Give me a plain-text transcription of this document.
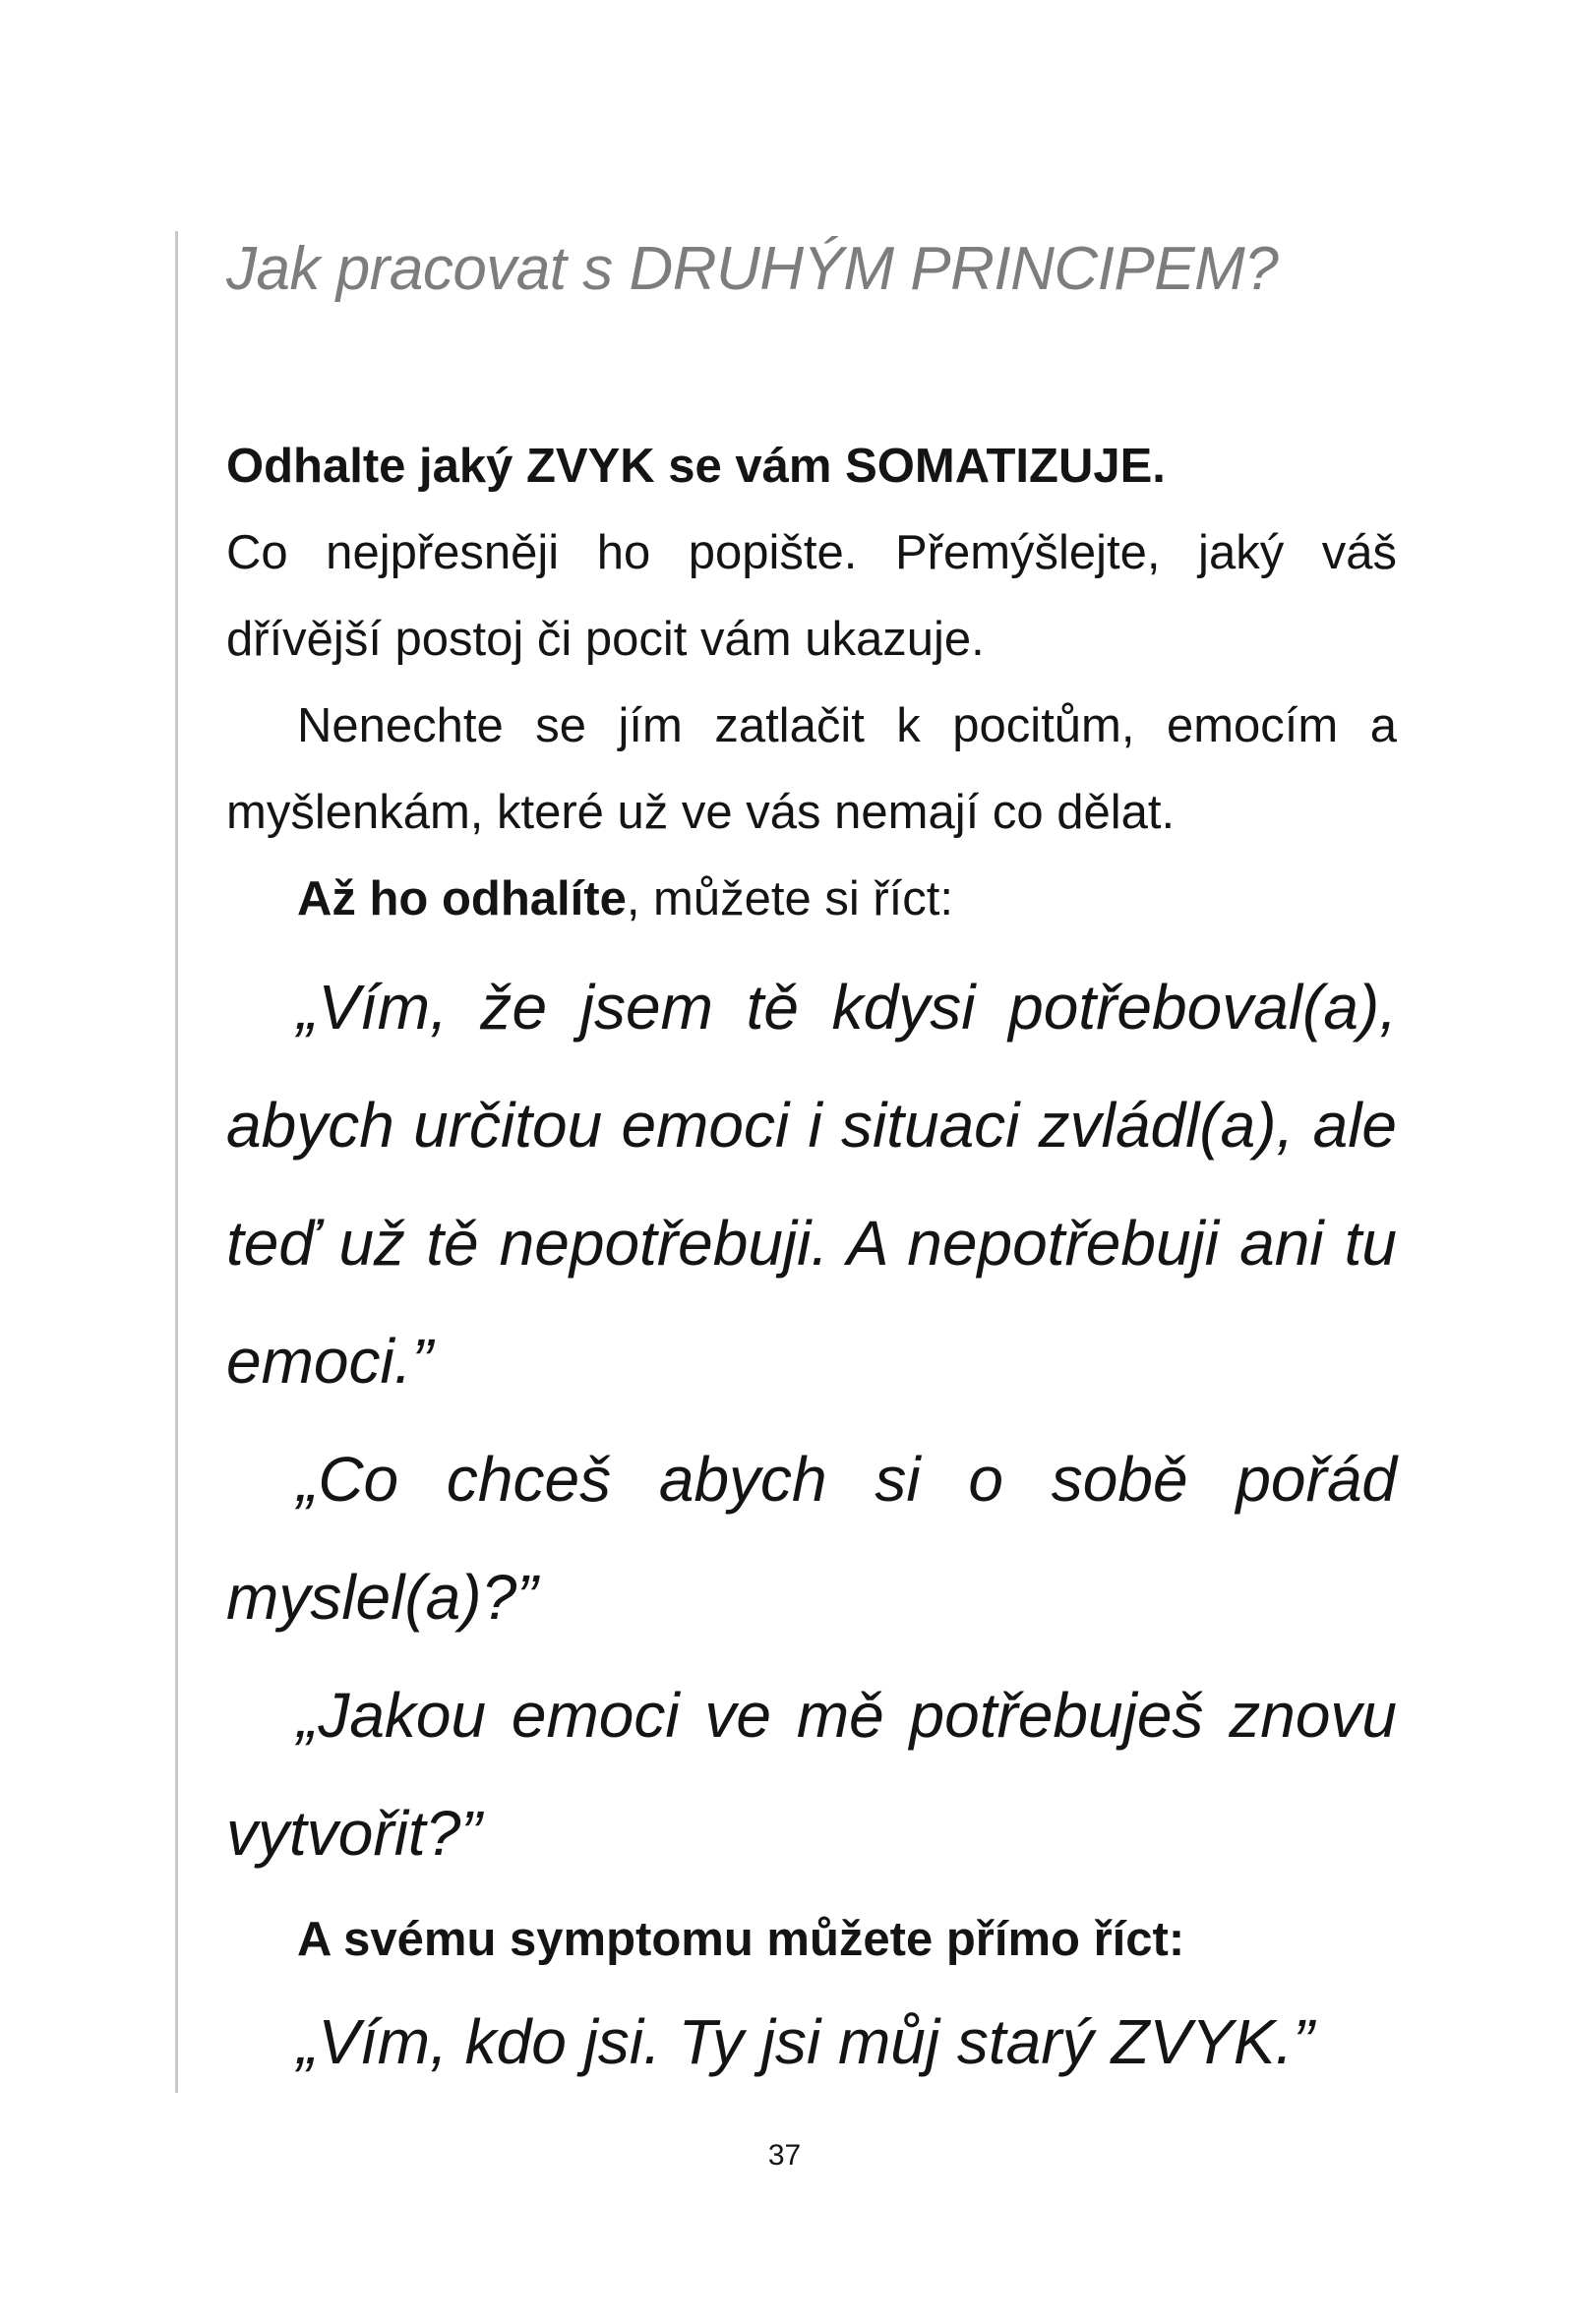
Jak pracovat s DRUHÝM PRINCIPEM?

Odhalte jaký ZVYK se vám SOMATIZUJE.

Co nejpřesněji ho popište. Přemýšlejte, jaký váš dřívější postoj či pocit vám ukazuje.

Nenechte se jím zatlačit k pocitům, emocím a myšlenkám, které už ve vás nemají co dělat.

Až ho odhalíte, můžete si říct:

„Vím, že jsem tě kdysi potřeboval(a), abych určitou emoci i situaci zvládl(a), ale teď už tě nepotřebuji. A nepotřebuji ani tu emoci.”

„Co chceš abych si o sobě pořád myslel(a)?”

„Jakou emoci ve mě potřebuješ znovu vytvořit?”

A svému symptomu můžete přímo říct:

„Vím, kdo jsi. Ty jsi můj starý ZVYK.”

37
